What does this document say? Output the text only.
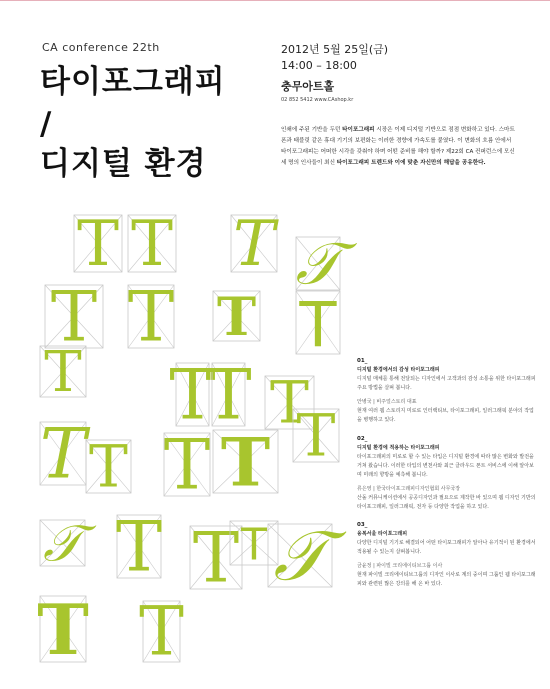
CA conference 22th
타이포그래피
/
디지털 환경
2012년 5월 25일(금)
14:00 – 18:00
충무아트홀
02 852 5412 www.CAshop.kr
인쇄에 주된 기반을 두던 타이포그래피 시장은 이제 디지털 기반으로 점점 변화하고 있다. 스마트폰과 태블릿 같은 휴대 기기의 보편화는 이러한 경향에 가속도를 붙였다. 이 변화의 흐름 안에서 타이포그래피는 어떠한 시각을 갖춰야 하며 어떤 준비를 해야 할까? 제22회 CA 컨퍼런스에 모신 세 명의 인사들이 최신 타이포그래피 트렌드와 이에 맞춘 자신만의 해답을 공유한다.
T T T 𝒯
T T T T
T T
T T
T T T T T
𝒯 T T T 𝒯
T T
01_
디지털 환경에서의 감성 타이포그래피
디지털 매체를 통해 전달되는 디자인에서 고객과의 감성 소통을 위한 타이포그래피 주요 방법을 살펴 봅니다.
안병국 | 비주얼스토리 대표
현재 여러 웹 스토리지 미로로 인터랙티브, 타이포그래피, 일러그래픽 분야의 작업을 병행하고 있다.
02_
디지털 환경에 적용하는 타이포그래피
타이포그래피의 미로로 할 수 있는 타입은 디지털 환경에 따라 많은 변화와 발전을 거쳐 왔습니다. 이러한 타입의 변천사와 최근 클라우드 폰트 서비스에 이해 알아보며 미래의 향방을 예측해 봅니다.
류은영 | 한국타이포그래피디자인협회 사무국장
산돌 커뮤니케이션에서 공공디자인과 필요으로 제작한 바 있으며 웹 디자인 기반의 타이포그래피, 일러그래픽, 전자 등 다양한 작업을 하고 있다.
03_
융복서울 타이포그래피
다양한 디지털 기기로 해결되어 어떤 타이포그래피가 알아나 유기적이 된 환경에서 적용될 수 있는지 살펴봅니다.
금윤정 | 파이빌 크리에이티브그룹 이사
현재 파이빌 크리에이티브그룹의 디자인 이사로 계의 중이며 그룹인 웹 타이포그래피와 관련된 많은 강의를 해 온 바 있다.
